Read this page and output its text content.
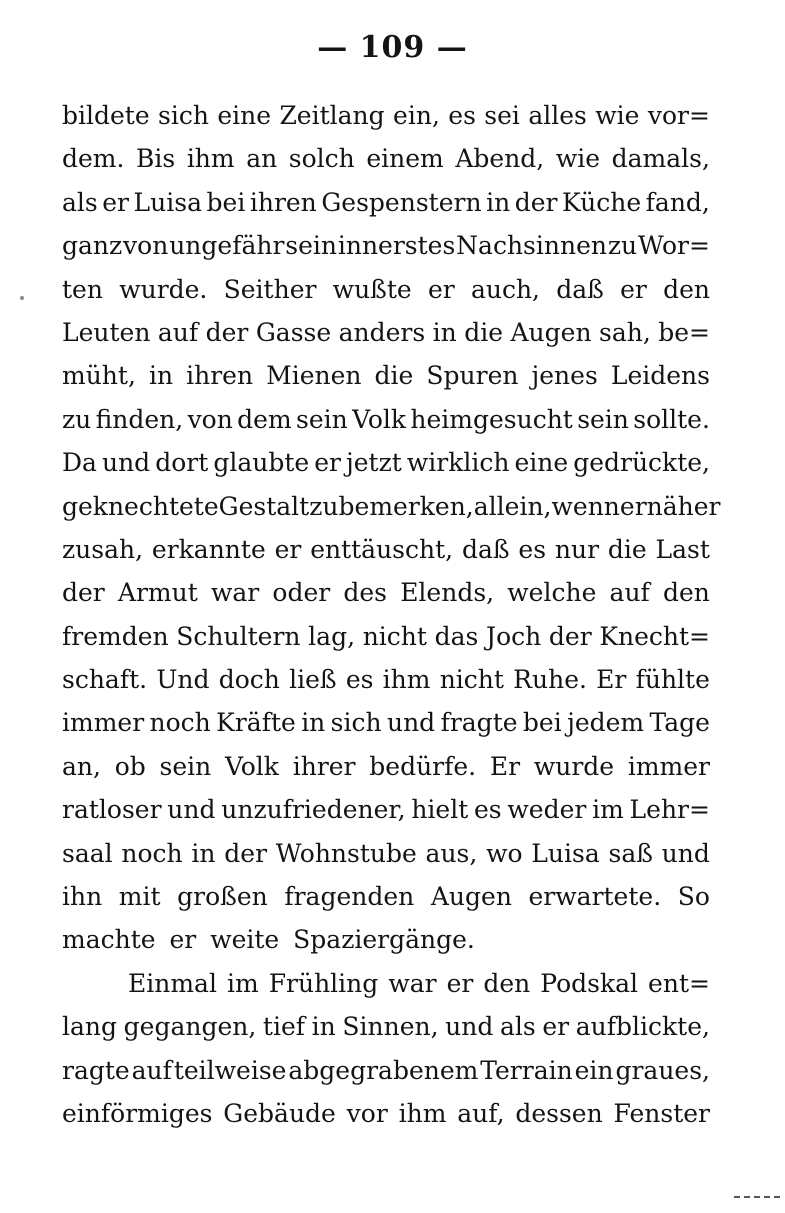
— 109 —
bildete sich eine Zeitlang ein, es sei alles wie vor=
dem. Bis ihm an solch einem Abend, wie damals,
als er Luisa bei ihren Gespenstern in der Küche fand,
ganz von ungefähr sein innerstes Nachsinnen zu Wor=
ten wurde. Seither wußte er auch, daß er den
Leuten auf der Gasse anders in die Augen sah, be=
müht, in ihren Mienen die Spuren jenes Leidens
zu finden, von dem sein Volk heimgesucht sein sollte.
Da und dort glaubte er jetzt wirklich eine gedrückte,
geknechtete Gestalt zu bemerken, allein, wenn er näher
zusah, erkannte er enttäuscht, daß es nur die Last
der Armut war oder des Elends, welche auf den
fremden Schultern lag, nicht das Joch der Knecht=
schaft. Und doch ließ es ihm nicht Ruhe. Er fühlte
immer noch Kräfte in sich und fragte bei jedem Tage
an, ob sein Volk ihrer bedürfe. Er wurde immer
ratloser und unzufriedener, hielt es weder im Lehr=
saal noch in der Wohnstube aus, wo Luisa saß und
ihn mit großen fragenden Augen erwartete. So
machte er weite Spaziergänge.
Einmal im Frühling war er den Podskal ent=
lang gegangen, tief in Sinnen, und als er aufblickte,
ragte auf teilweise abgegrabenem Terrain ein graues,
einförmiges Gebäude vor ihm auf, dessen Fenster
